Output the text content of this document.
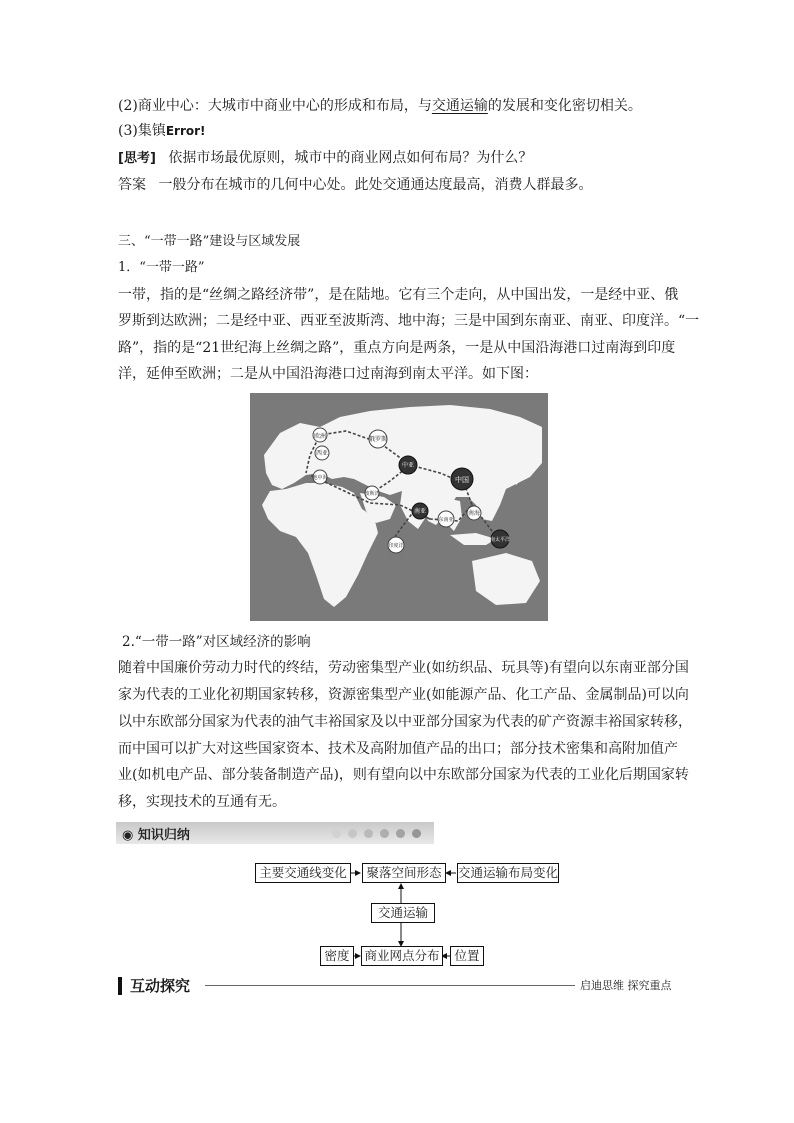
(2)商业中心：大城市中商业中心的形成和布局，与交通运输的发展和变化密切相关。
(3)集镇Error!
[思考] 依据市场最优原则，城市中的商业网点如何布局？为什么？
答案 一般分布在城市的几何中心处。此处交通通达度最高，消费人群最多。
三、“一带一路”建设与区域发展
1．“一带一路”
一带，指的是“丝绸之路经济带”，是在陆地。它有三个走向，从中国出发，一是经中亚、俄
罗斯到达欧洲；二是经中亚、西亚至波斯湾、地中海；三是中国到东南亚、南亚、印度洋。“一
路”，指的是“21世纪海上丝绸之路”，重点方向是两条，一是从中国沿海港口过南海到印度
洋，延伸至欧洲；二是从中国沿海港口过南海到南太平洋。如下图：
欧洲	俄罗斯
西亚
地中海
中亚
中国
波斯湾
南亚
东南亚
南海
印度洋
南太平洋
2.“一带一路”对区域经济的影响
随着中国廉价劳动力时代的终结，劳动密集型产业(如纺织品、玩具等)有望向以东南亚部分国
家为代表的工业化初期国家转移，资源密集型产业(如能源产品、化工产品、金属制品)可以向
以中东欧部分国家为代表的油气丰裕国家及以中亚部分国家为代表的矿产资源丰裕国家转移，
而中国可以扩大对这些国家资本、技术及高附加值产品的出口；部分技术密集和高附加值产
业(如机电产品、部分装备制造产品)，则有望向以中东欧部分国家为代表的工业化后期国家转
移，实现技术的互通有无。
◉ 知识归纳
主要交通线变化	聚落空间形态	交通运输布局变化
交通运输
密度	商业网点分布	位置
互动探究	启迪思维 探究重点
